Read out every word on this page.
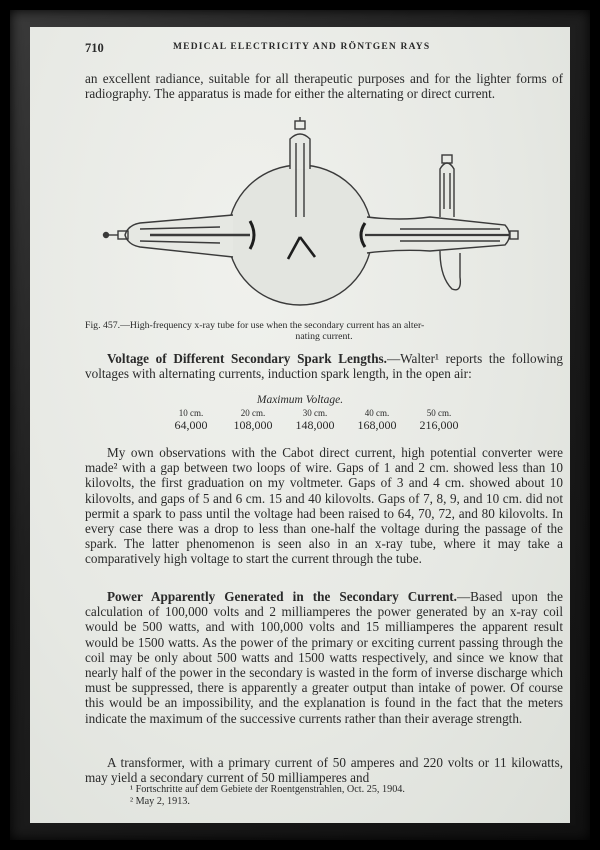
710	MEDICAL ELECTRICITY AND RÖNTGEN RAYS

an excellent radiance, suitable for all therapeutic purposes and for the lighter forms of radiography. The apparatus is made for either the alternating or direct current.

Fig. 457.—High-frequency x-ray tube for use when the secondary current has an alter-
nating current.

Voltage of Different Secondary Spark Lengths.—Walter¹ reports the following voltages with alternating currents, induction spark length, in the open air:

Maximum Voltage.
10 cm.	20 cm.	30 cm.	40 cm.	50 cm.
64,000	108,000	148,000	168,000	216,000

My own observations with the Cabot direct current, high potential converter were made² with a gap between two loops of wire. Gaps of 1 and 2 cm. showed less than 10 kilovolts, the first graduation on my voltmeter. Gaps of 3 and 4 cm. showed about 10 kilovolts, and gaps of 5 and 6 cm. 15 and 40 kilovolts. Gaps of 7, 8, 9, and 10 cm. did not permit a spark to pass until the voltage had been raised to 64, 70, 72, and 80 kilovolts. In every case there was a drop to less than one-half the voltage during the passage of the spark. The latter phenomenon is seen also in an x-ray tube, where it may take a comparatively high voltage to start the current through the tube.

Power Apparently Generated in the Secondary Current.—Based upon the calculation of 100,000 volts and 2 milliamperes the power generated by an x-ray coil would be 500 watts, and with 100,000 volts and 15 milliamperes the apparent result would be 1500 watts. As the power of the primary or exciting current passing through the coil may be only about 500 watts and 1500 watts respectively, and since we know that nearly half of the power in the secondary is wasted in the form of inverse discharge which must be suppressed, there is apparently a greater output than intake of power. Of course this would be an impossibility, and the explanation is found in the fact that the meters indicate the maximum of the successive currents rather than their average strength.

A transformer, with a primary current of 50 amperes and 220 volts or 11 kilowatts, may yield a secondary current of 50 milliamperes and

¹ Fortschritte auf dem Gebiete der Roentgenstrahlen, Oct. 25, 1904.
² May 2, 1913.
